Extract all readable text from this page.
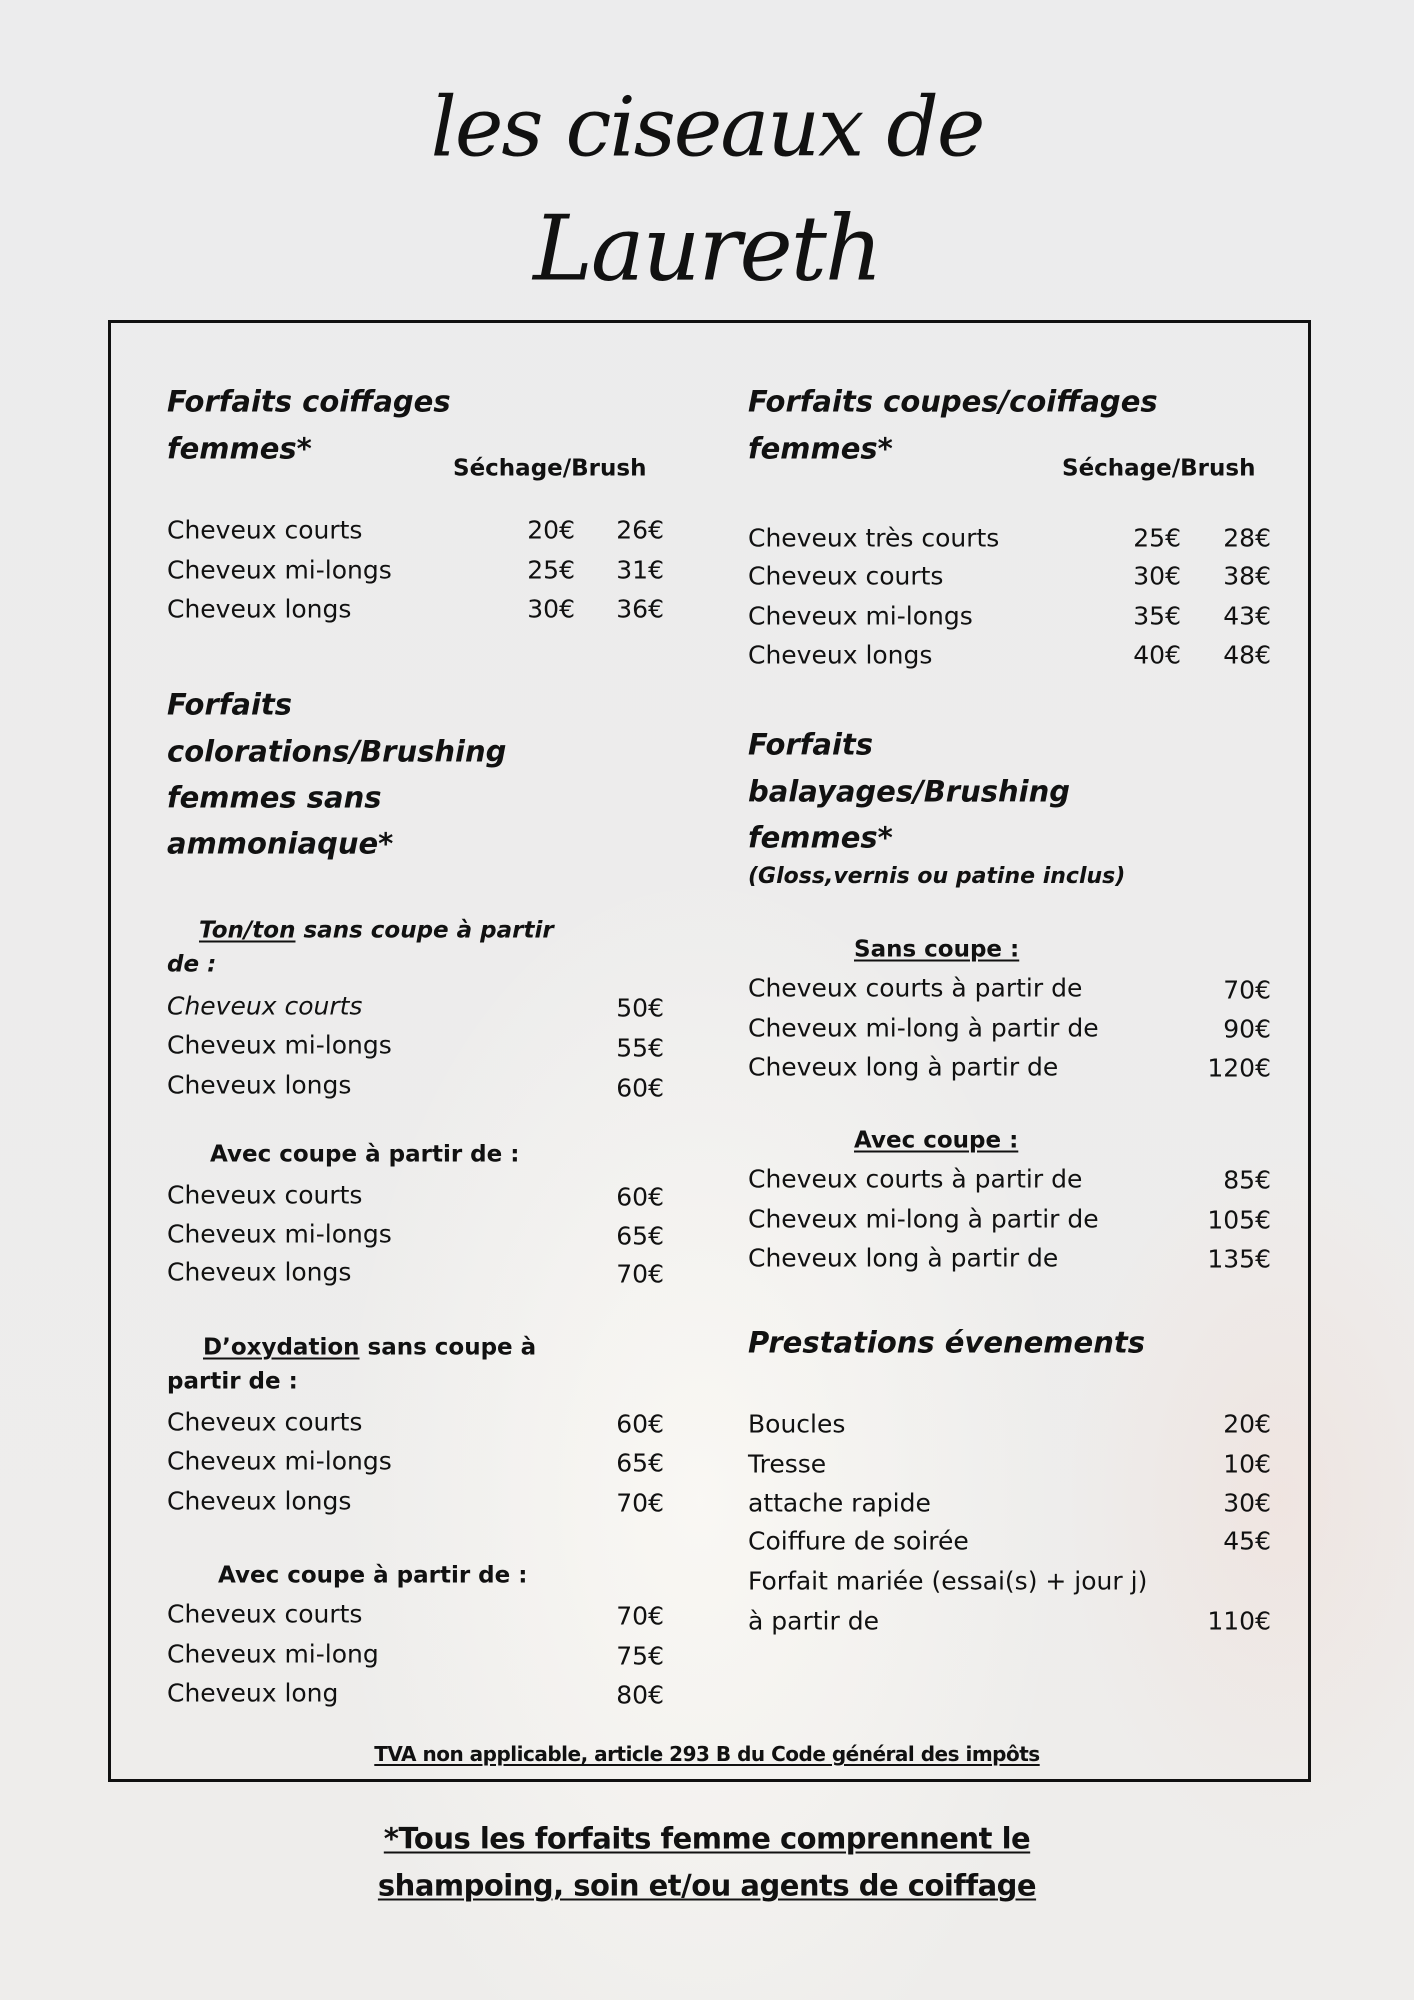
les ciseaux de
Laureth
Forfaits coiffages
femmes*
Séchage/Brush
Cheveux courts	20€ 26€
Cheveux mi-longs	25€ 31€
Cheveux longs	30€ 36€
Forfaits
colorations/Brushing
femmes sans
ammoniaque*
Ton/ton sans coupe à partir
de :
Cheveux courts	50€
Cheveux mi-longs	55€
Cheveux longs	60€
Avec coupe à partir de :
Cheveux courts	60€
Cheveux mi-longs	65€
Cheveux longs	70€
D’oxydation sans coupe à
partir de :
Cheveux courts	60€
Cheveux mi-longs	65€
Cheveux longs	70€
Avec coupe à partir de :
Cheveux courts	70€
Cheveux mi-long	75€
Cheveux long	80€
Forfaits coupes/coiffages
femmes*
Séchage/Brush
Cheveux très courts	25€ 28€
Cheveux courts	30€ 38€
Cheveux mi-longs	35€ 43€
Cheveux longs	40€ 48€
Forfaits
balayages/Brushing
femmes*
(Gloss,vernis ou patine inclus)
Sans coupe :
Cheveux courts à partir de	70€
Cheveux mi-long à partir de	90€
Cheveux long à partir de	120€
Avec coupe :
Cheveux courts à partir de	85€
Cheveux mi-long à partir de	105€
Cheveux long à partir de	135€
Prestations évenements
Boucles	20€
Tresse	10€
attache rapide	30€
Coiffure de soirée	45€
Forfait mariée (essai(s) + jour j)
à partir de	110€
TVA non applicable, article 293 B du Code général des impôts
*Tous les forfaits femme comprennent le
shampoing, soin et/ou agents de coiffage
